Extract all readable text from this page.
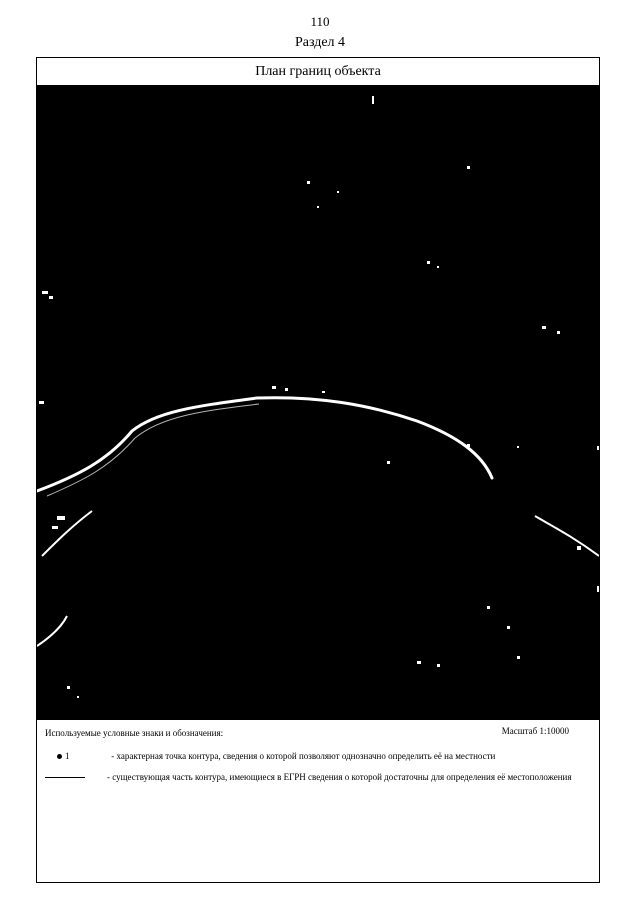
110
Раздел 4
План границ объекта
Используемые условные знаки и обозначения:	Масштаб 1:10000
1	- характерная точка контура, сведения о которой позволяют однозначно определить её на местности
- существующая часть контура, имеющиеся в ЕГРН сведения о которой достаточны для определения её местоположения
